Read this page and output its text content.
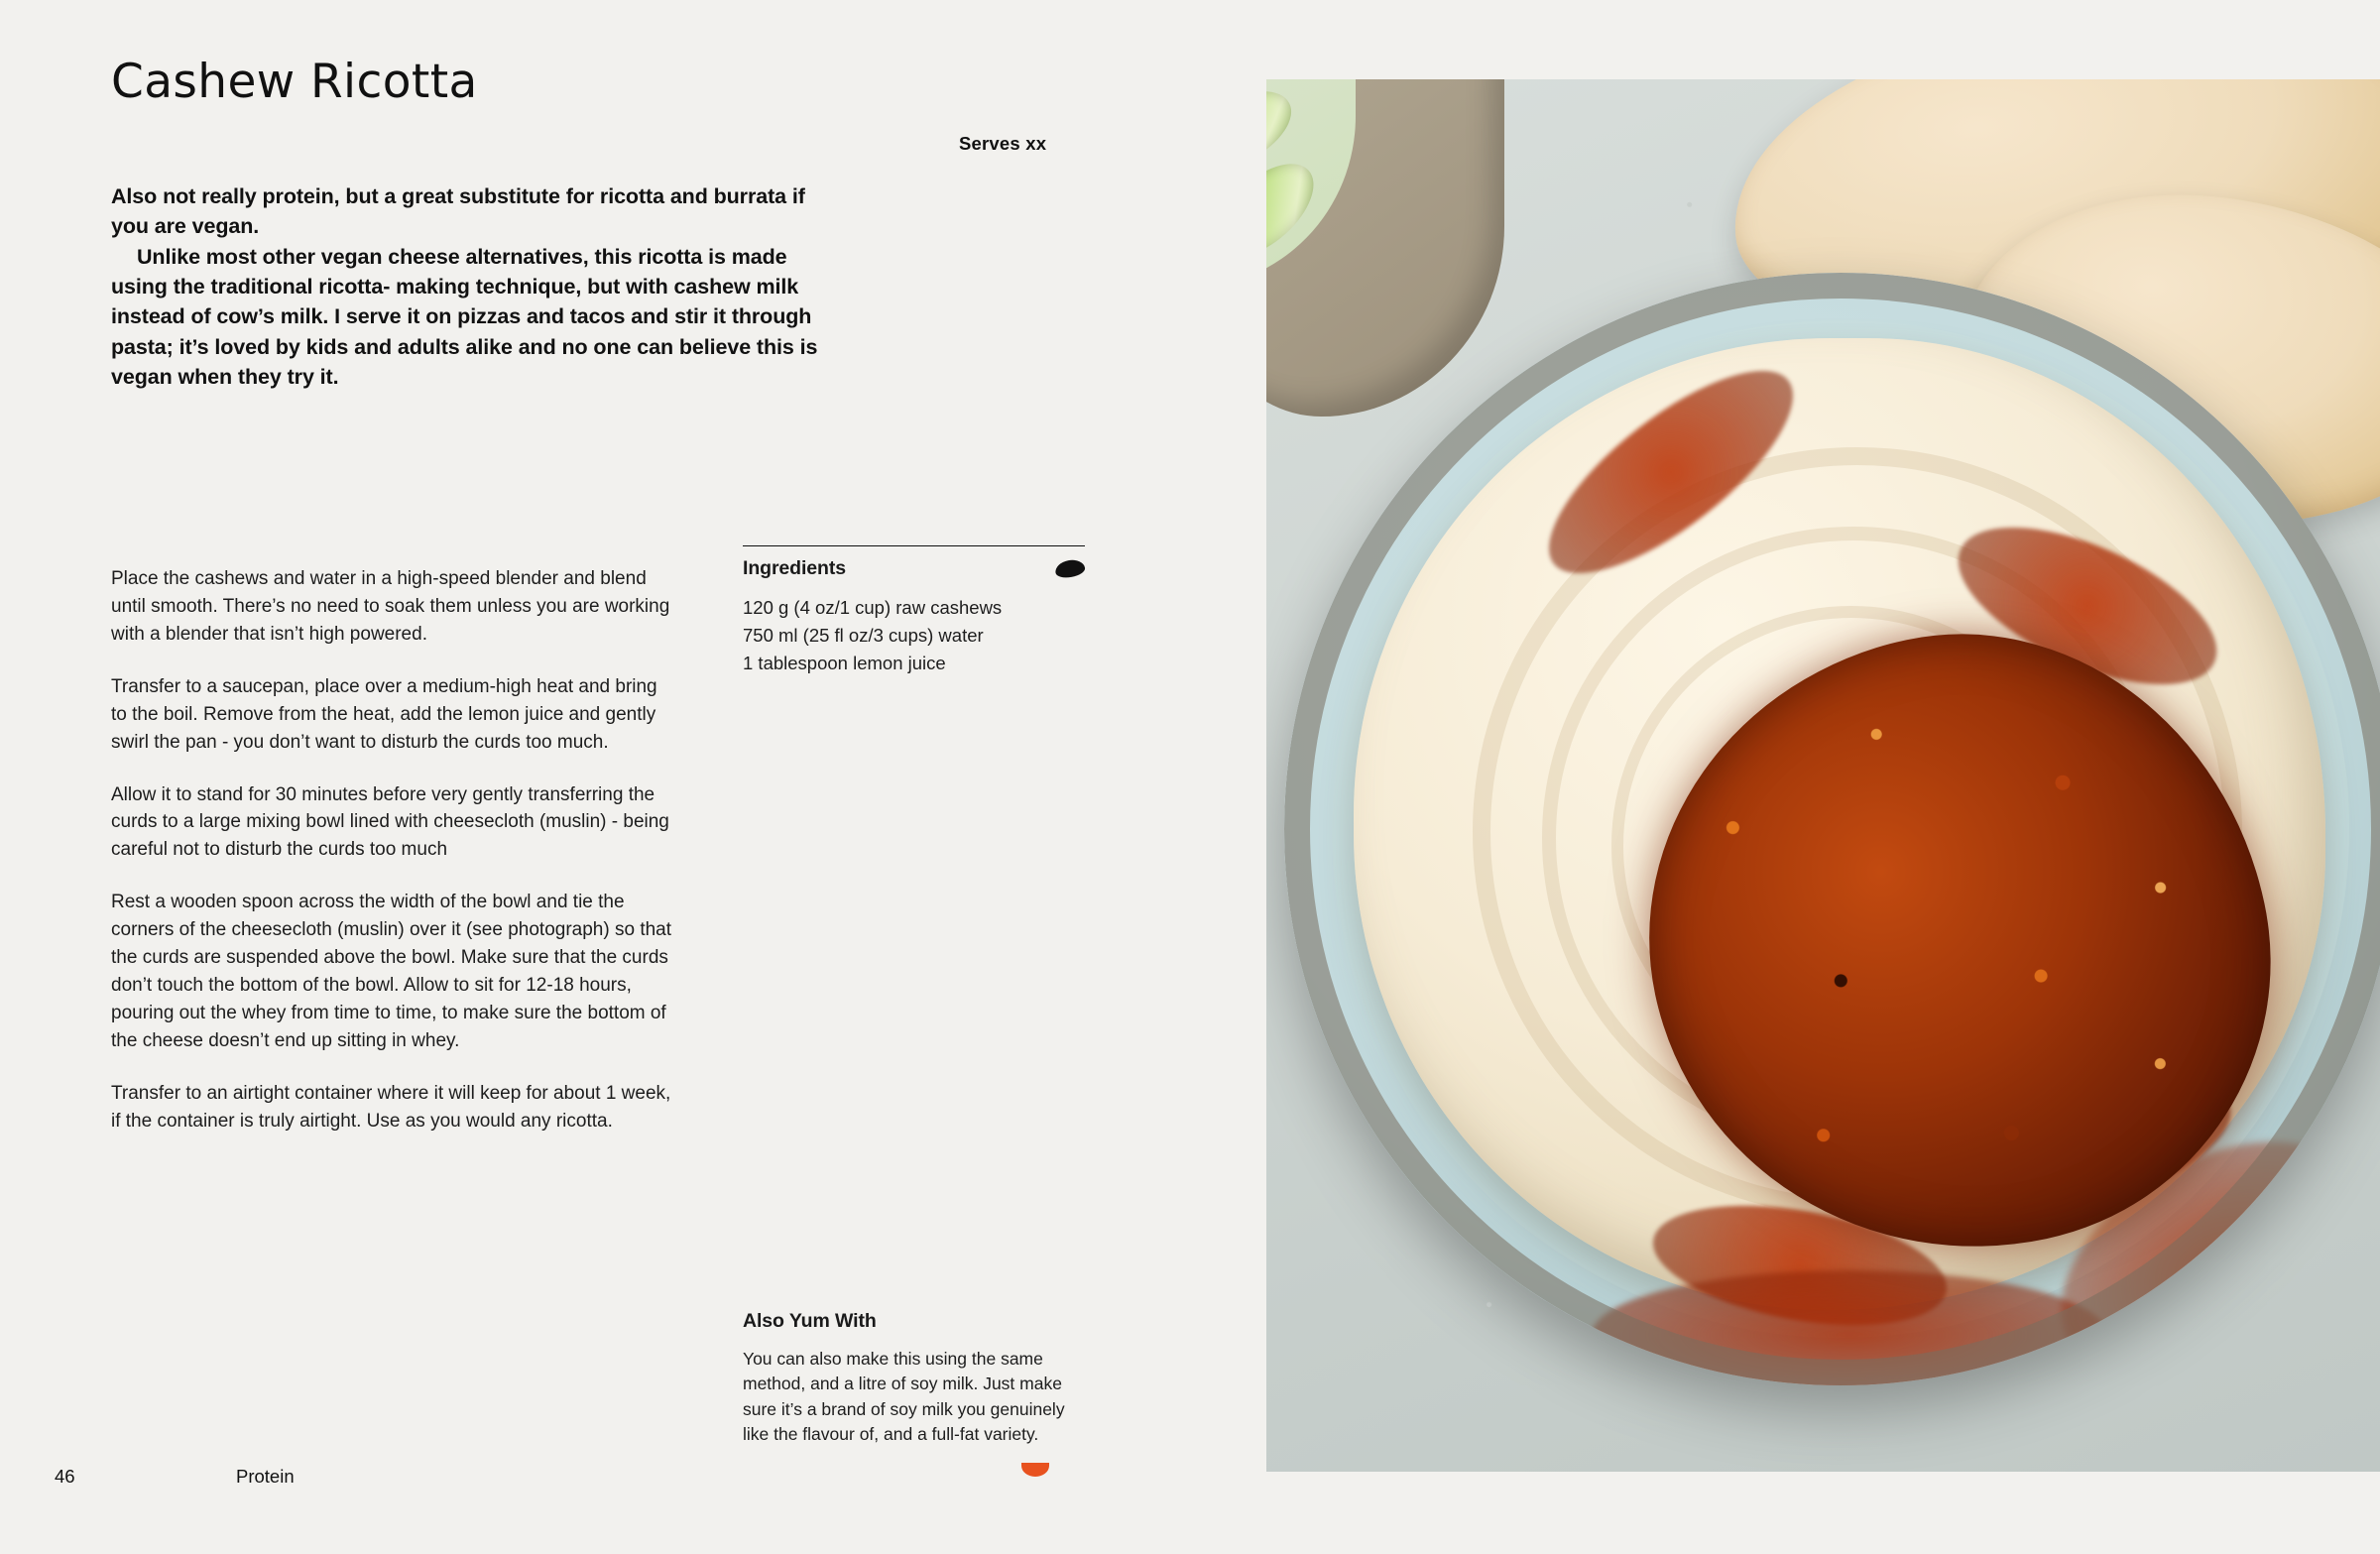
Cashew Ricotta
Serves xx

Also not really protein, but a great substitute for ricotta and burrata if you are vegan.

Unlike most other vegan cheese alternatives, this ricotta is made using the traditional ricotta- making technique, but with cashew milk instead of cow’s milk. I serve it on pizzas and tacos and stir it through pasta; it’s loved by kids and adults alike and no one can believe this is vegan when they try it.

Place the cashews and water in a high-speed blender and blend until smooth. There’s no need to soak them unless you are working with a blender that isn’t high powered.

Transfer to a saucepan, place over a medium-high heat and bring to the boil. Remove from the heat, add the lemon juice and gently swirl the pan - you don’t want to disturb the curds too much.

Allow it to stand for 30 minutes before very gently transferring the curds to a large mixing bowl lined with cheesecloth (muslin) - being careful not to disturb the curds too much

Rest a wooden spoon across the width of the bowl and tie the corners of the cheesecloth (muslin) over it (see photograph) so that the curds are suspended above the bowl. Make sure that the curds don’t touch the bottom of the bowl. Allow to sit for 12-18 hours, pouring out the whey from time to time, to make sure the bottom of the cheese doesn’t end up sitting in whey.

Transfer to an airtight container where it will keep for about 1 week, if the container is truly airtight. Use as you would any ricotta.

Ingredients
120 g (4 oz/1 cup) raw cashews
750 ml (25 fl oz/3 cups) water
1 tablespoon lemon juice
Also Yum With
You can also make this using the same method, and a litre of soy milk. Just make sure it’s a brand of soy milk you genuinely like the flavour of, and a full-fat variety.
46	Protein
